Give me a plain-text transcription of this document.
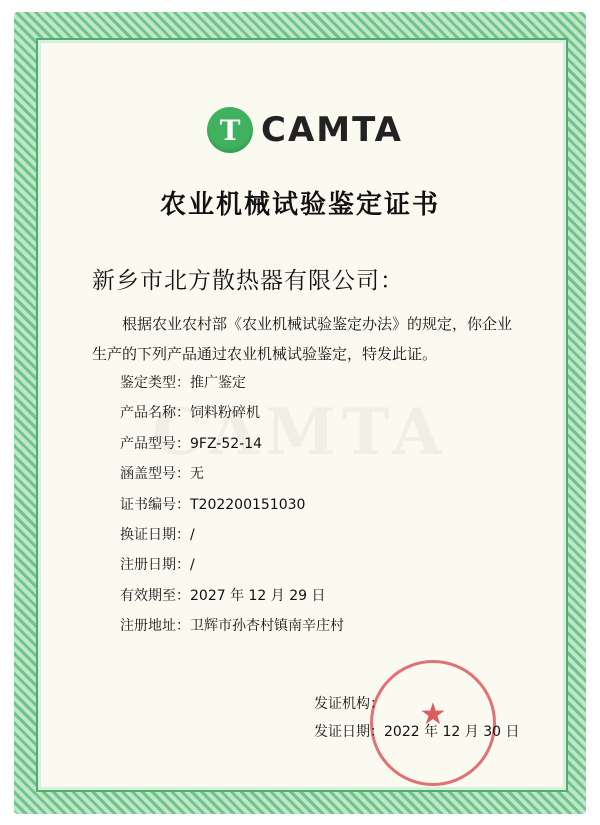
T CAMTA
农业机械试验鉴定证书
新乡市北方散热器有限公司：
根据农业农村部《农业机械试验鉴定办法》的规定，你企业生产的下列产品通过农业机械试验鉴定，特发此证。
鉴定类型：推广鉴定
产品名称：饲料粉碎机
产品型号：9FZ-52-14
涵盖型号：无
证书编号：T202200151030
换证日期：/
注册日期：/
有效期至：2027 年 12 月 29 日
注册地址：卫辉市孙杏村镇南辛庄村
★
发证机构：
发证日期：2022 年 12 月 30 日
